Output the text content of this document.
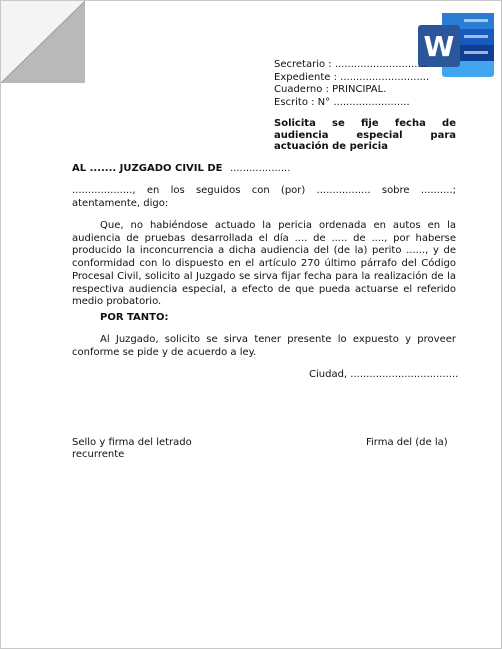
W
Secretario : .............................
Expediente : ............................
Cuaderno : PRINCIPAL.
Escrito : N° ........................
Solicita se fije fecha de audiencia especial para actuación de pericia
AL ....... JUZGADO CIVIL DE ...................
..................., en los seguidos con (por) ................. sobre ..........; atentamente, digo:
Que, no habiéndose actuado la pericia ordenada en autos en la audiencia de pruebas desarrollada el día .... de ..... de ...., por haberse producido la inconcurrencia a dicha audiencia del (de la) perito ......, y de conformidad con lo dispuesto en el artículo 270 último párrafo del Código Procesal Civil, solicito al Juzgado se sirva fijar fecha para la realización de la respectiva audiencia especial, a efecto de que pueda actuarse el referido medio probatorio.
POR TANTO:
Al Juzgado, solicito se sirva tener presente lo expuesto y proveer conforme se pide y de acuerdo a ley.
Ciudad, ..................................
Sello y firma del letrado
recurrente
Firma del (de la)
